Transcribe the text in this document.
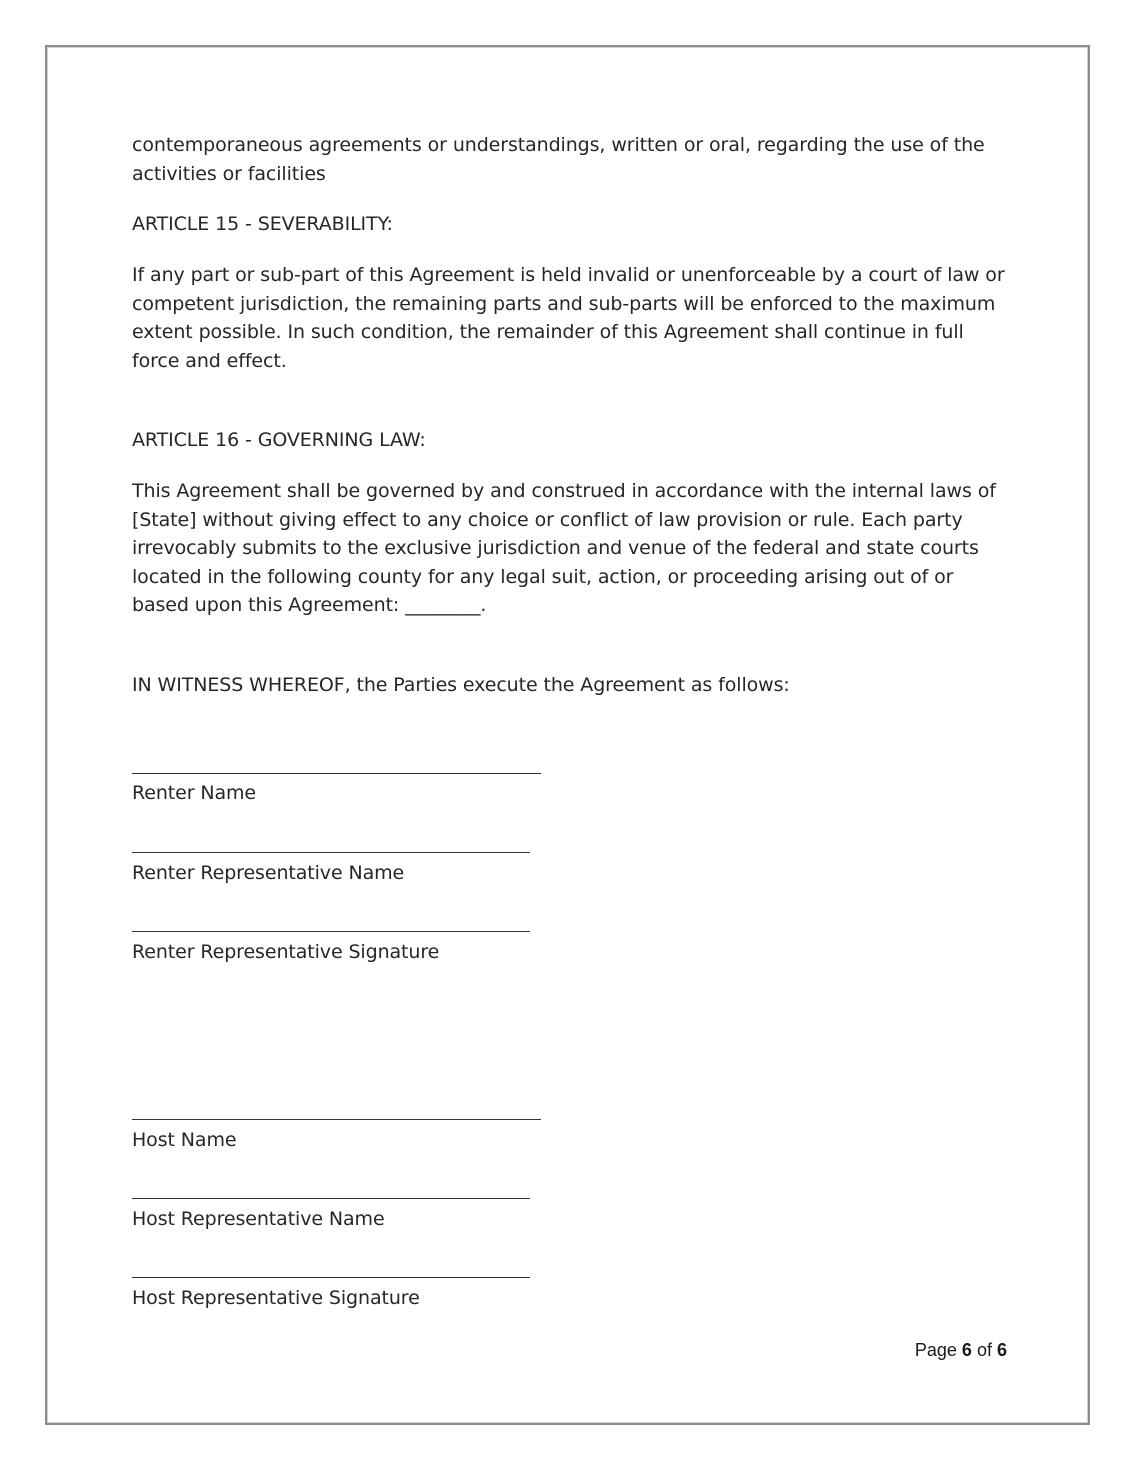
contemporaneous agreements or understandings, written or oral, regarding the use of the activities or facilities
ARTICLE 15 - SEVERABILITY:
If any part or sub-part of this Agreement is held invalid or unenforceable by a court of law or competent jurisdiction, the remaining parts and sub-parts will be enforced to the maximum extent possible. In such condition, the remainder of this Agreement shall continue in full force and effect.
ARTICLE 16 - GOVERNING LAW:
This Agreement shall be governed by and construed in accordance with the internal laws of [State] without giving effect to any choice or conflict of law provision or rule. Each party irrevocably submits to the exclusive jurisdiction and venue of the federal and state courts located in the following county for any legal suit, action, or proceeding arising out of or based upon this Agreement: ________.
IN WITNESS WHEREOF, the Parties execute the Agreement as follows:
Renter Name
Renter Representative Name
Renter Representative Signature
Host Name
Host Representative Name
Host Representative Signature
Page 6 of 6
